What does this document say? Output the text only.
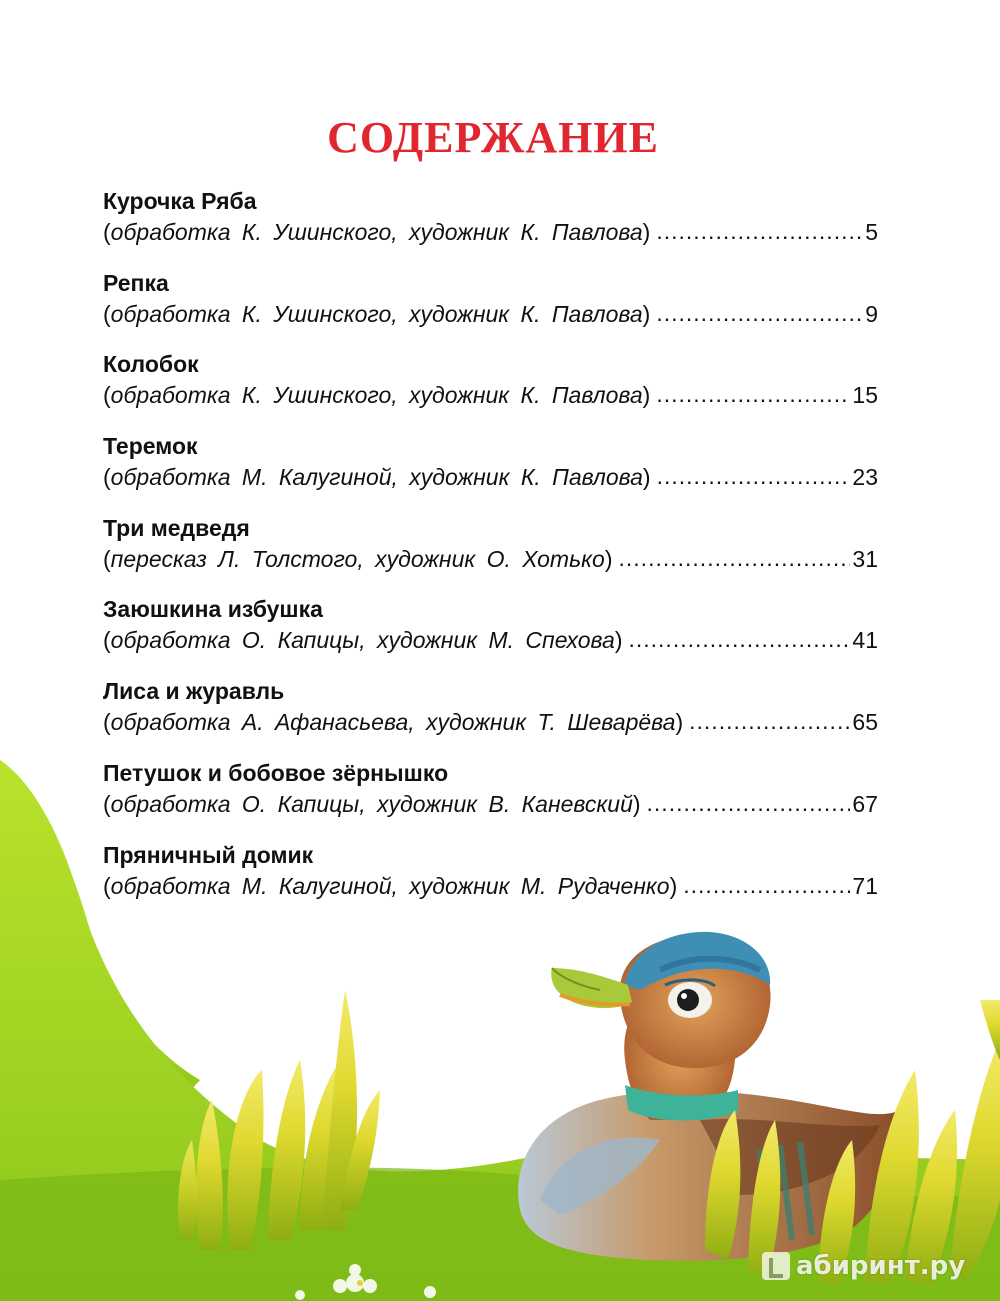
СОДЕРЖАНИЕ
Курочка Ряба
(обработка К. Ушинского, художник К. Павлова) .....	5
Репка
(обработка К. Ушинского, художник К. Павлова) .....	9
Колобок
(обработка К. Ушинского, художник К. Павлова) .....	15
Теремок
(обработка М. Калугиной, художник К. Павлова) .....	23
Три медведя
(пересказ Л. Толстого, художник О. Хотько) .....	31
Заюшкина избушка
(обработка О. Капицы, художник М. Спехова) .....	41
Лиса и журавль
(обработка А. Афанасьева, художник Т. Шеварёва) .....	65
Петушок и бобовое зёрнышко
(обработка О. Капицы, художник В. Каневский) .....	67
Пряничный домик
(обработка М. Калугиной, художник М. Рудаченко) .....	71
абиринт.ру
